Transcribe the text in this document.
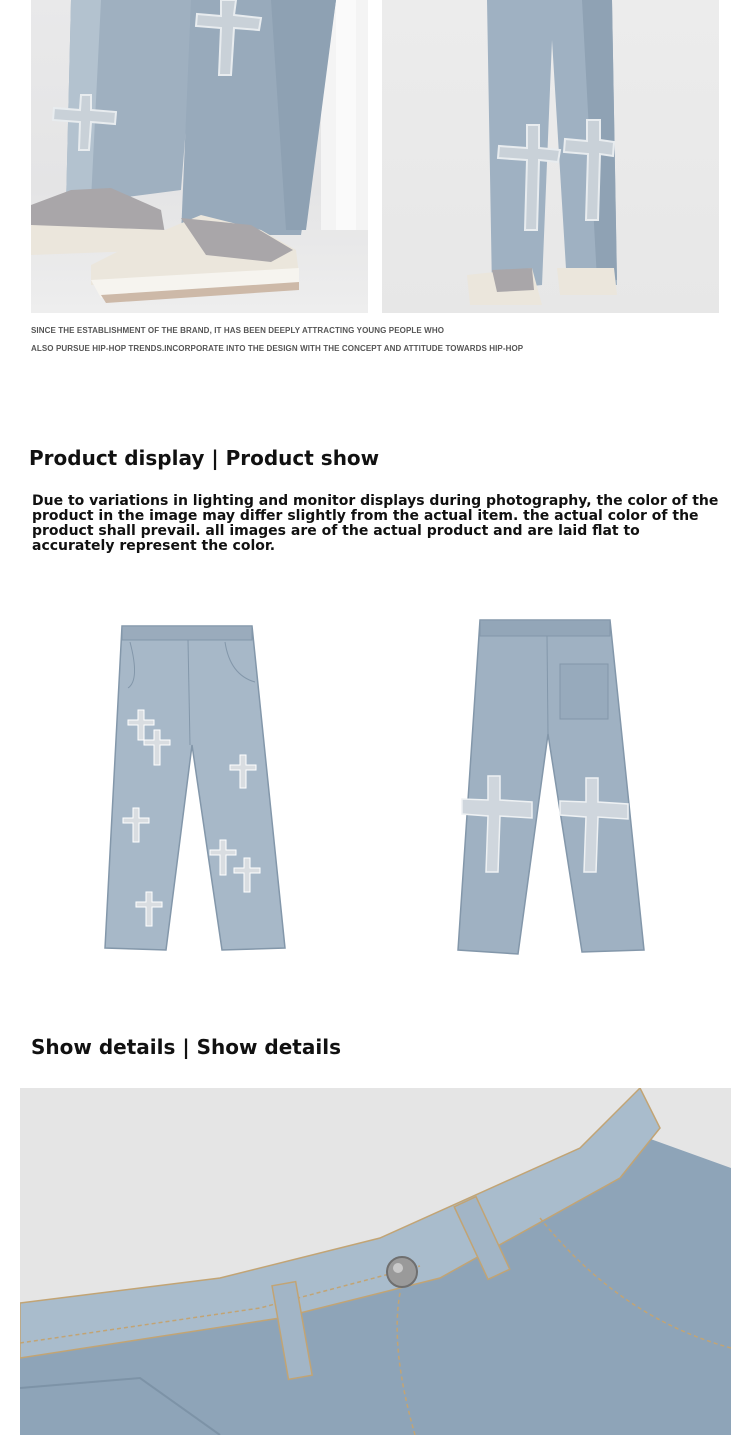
SINCE THE ESTABLISHMENT OF THE BRAND, IT HAS BEEN DEEPLY ATTRACTING YOUNG PEOPLE WHO
ALSO PURSUE HIP-HOP TRENDS.INCORPORATE INTO THE DESIGN WITH THE CONCEPT AND ATTITUDE TOWARDS HIP-HOP
Product display | Product show
Due to variations in lighting and monitor displays during photography, the color of the product in the image may differ slightly from the actual item. the actual color of the product shall prevail. all images are of the actual product and are laid flat to accurately represent the color.
Show details | Show details
